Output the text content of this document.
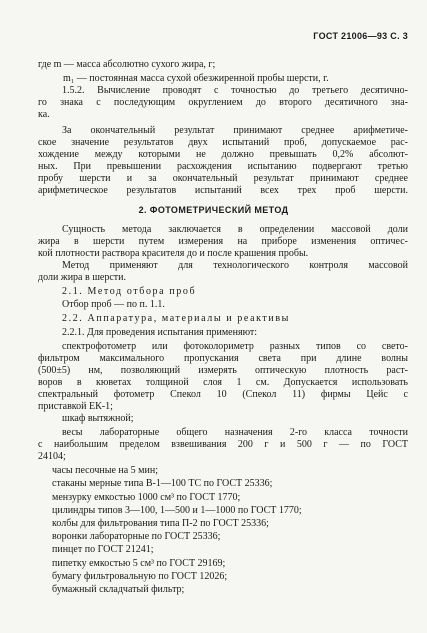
ГОСТ 21006—93 С. 3
где m — масса абсолютно сухого жира, г;
m₁ — постоянная масса сухой обезжиренной пробы шерсти, г.
1.5.2. Вычисление проводят с точностью до третьего десятично-
го знака с последующим округлением до второго десятичного зна-
ка.
За окончательный результат принимают среднее арифметиче-
ское значение результатов двух испытаний проб, допускаемое рас-
хождение между которыми не должно превышать 0,2% абсолют-
ных. При превышении расхождения испытанию подвергают третью
пробу шерсти и за окончательный результат принимают среднее
арифметическое результатов испытаний всех трех проб шерсти.
2. ФОТОМЕТРИЧЕСКИЙ МЕТОД
Сущность метода заключается в определении массовой доли
жира в шерсти путем измерения на приборе изменения оптичес-
кой плотности раствора красителя до и после крашения пробы.
Метод применяют для технологического контроля массовой
доли жира в шерсти.
2.1. Метод отбора проб
Отбор проб — по п. 1.1.
2.2. Аппаратура, материалы и реактивы
2.2.1. Для проведения испытания применяют:
спектрофотометр или фотоколориметр разных типов со свето-
фильтром максимального пропускания света при длине волны
(500±5) нм, позволяющий измерять оптическую плотность раст-
воров в кюветах толщиной слоя 1 см. Допускается использовать
спектральный фотометр Спекол 10 (Спекол 11) фирмы Цейс с
приставкой ЕК-1;
шкаф вытяжной;
весы лабораторные общего назначения 2-го класса точности
с наибольшим пределом взвешивания 200 г и 500 г — по ГОСТ
24104;
часы песочные на 5 мин;
стаканы мерные типа В-1—100 ТС по ГОСТ 25336;
мензурку емкостью 1000 см³ по ГОСТ 1770;
цилиндры типов 3—100, 1—500 и 1—1000 по ГОСТ 1770;
колбы для фильтрования типа П-2 по ГОСТ 25336;
воронки лабораторные по ГОСТ 25336;
пинцет по ГОСТ 21241;
пипетку емкостью 5 см³ по ГОСТ 29169;
бумагу фильтровальную по ГОСТ 12026;
бумажный складчатый фильтр;
